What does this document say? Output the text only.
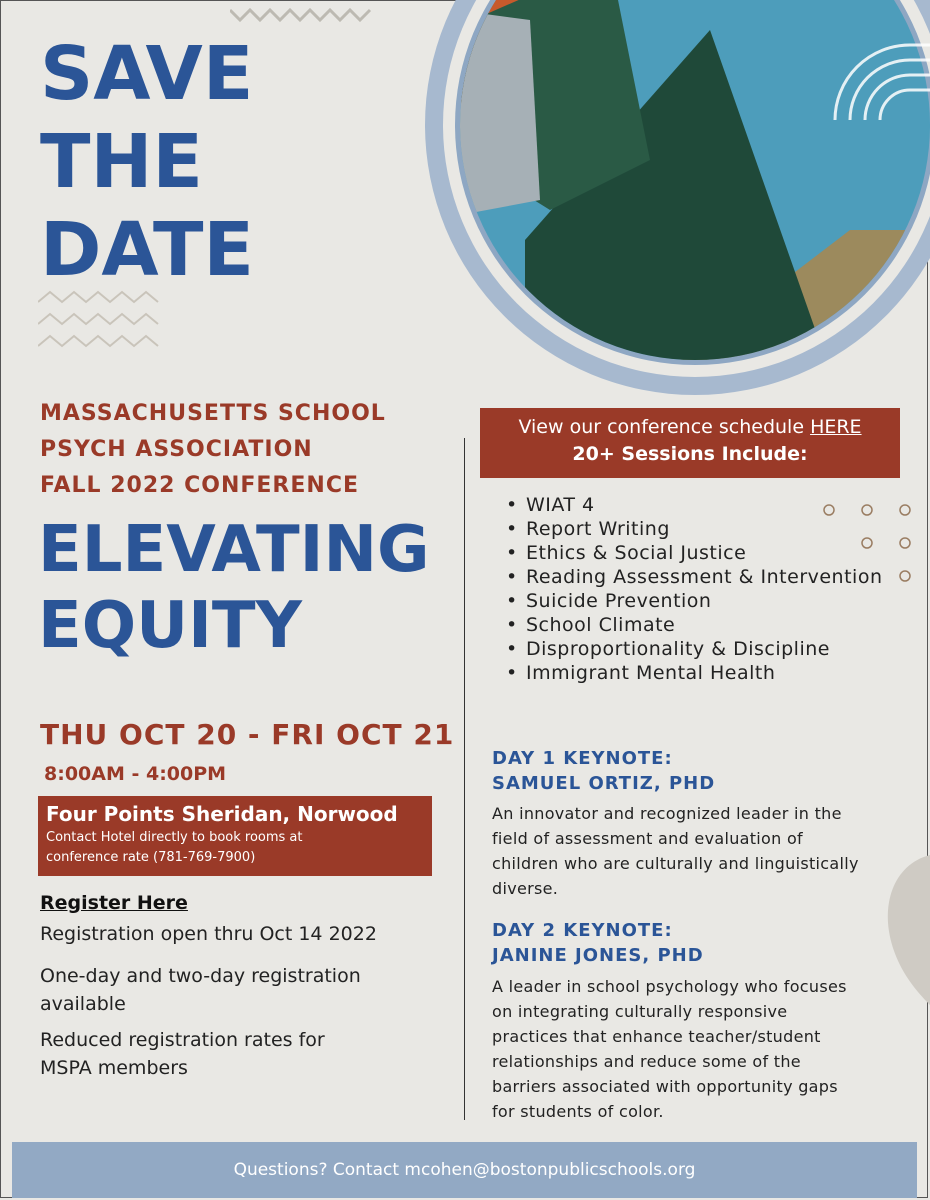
SAVE
THE
DATE
MASSACHUSETTS SCHOOL
PSYCH ASSOCIATION
FALL 2022 CONFERENCE
ELEVATING
EQUITY
THU OCT 20 - FRI OCT 21
8:00AM - 4:00PM
Four Points Sheridan, Norwood
Contact Hotel directly to book rooms at
conference rate (781-769-7900)
Register Here
Registration open thru Oct 14 2022
One-day and two-day registration
available
Reduced registration rates for
MSPA members
View our conference schedule HERE
20+ Sessions Include:
• WIAT 4
• Report Writing
• Ethics & Social Justice
• Reading Assessment & Intervention
• Suicide Prevention
• School Climate
• Disproportionality & Discipline
• Immigrant Mental Health
DAY 1 KEYNOTE:
SAMUEL ORTIZ, PHD
An innovator and recognized leader in the
field of assessment and evaluation of
children who are culturally and linguistically
diverse.
DAY 2 KEYNOTE:
JANINE JONES, PHD
A leader in school psychology who focuses
on integrating culturally responsive
practices that enhance teacher/student
relationships and reduce some of the
barriers associated with opportunity gaps
for students of color.
Questions? Contact mcohen@bostonpublicschools.org
